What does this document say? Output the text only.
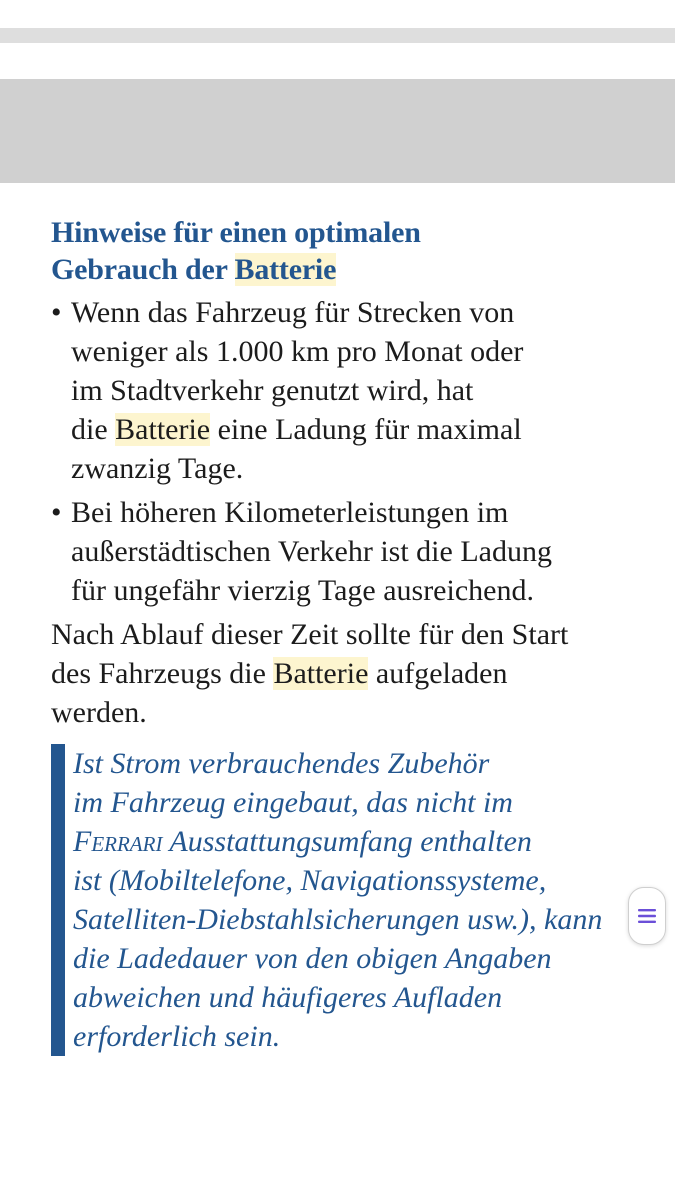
Hinweise für einen optimalen
Gebrauch der Batterie
• Wenn das Fahrzeug für Strecken von
weniger als 1.000 km pro Monat oder
im Stadtverkehr genutzt wird, hat
die Batterie eine Ladung für maximal
zwanzig Tage.
• Bei höheren Kilometerleistungen im
außerstädtischen Verkehr ist die Ladung
für ungefähr vierzig Tage ausreichend.

Nach Ablauf dieser Zeit sollte für den Start
des Fahrzeugs die Batterie aufgeladen
werden.

Ist Strom verbrauchendes Zubehör
im Fahrzeug eingebaut, das nicht im
Ferrari Ausstattungsumfang enthalten
ist (Mobiltelefone, Navigationssysteme,
Satelliten-Diebstahlsicherungen usw.), kann
die Ladedauer von den obigen Angaben
abweichen und häufigeres Aufladen
erforderlich sein.
